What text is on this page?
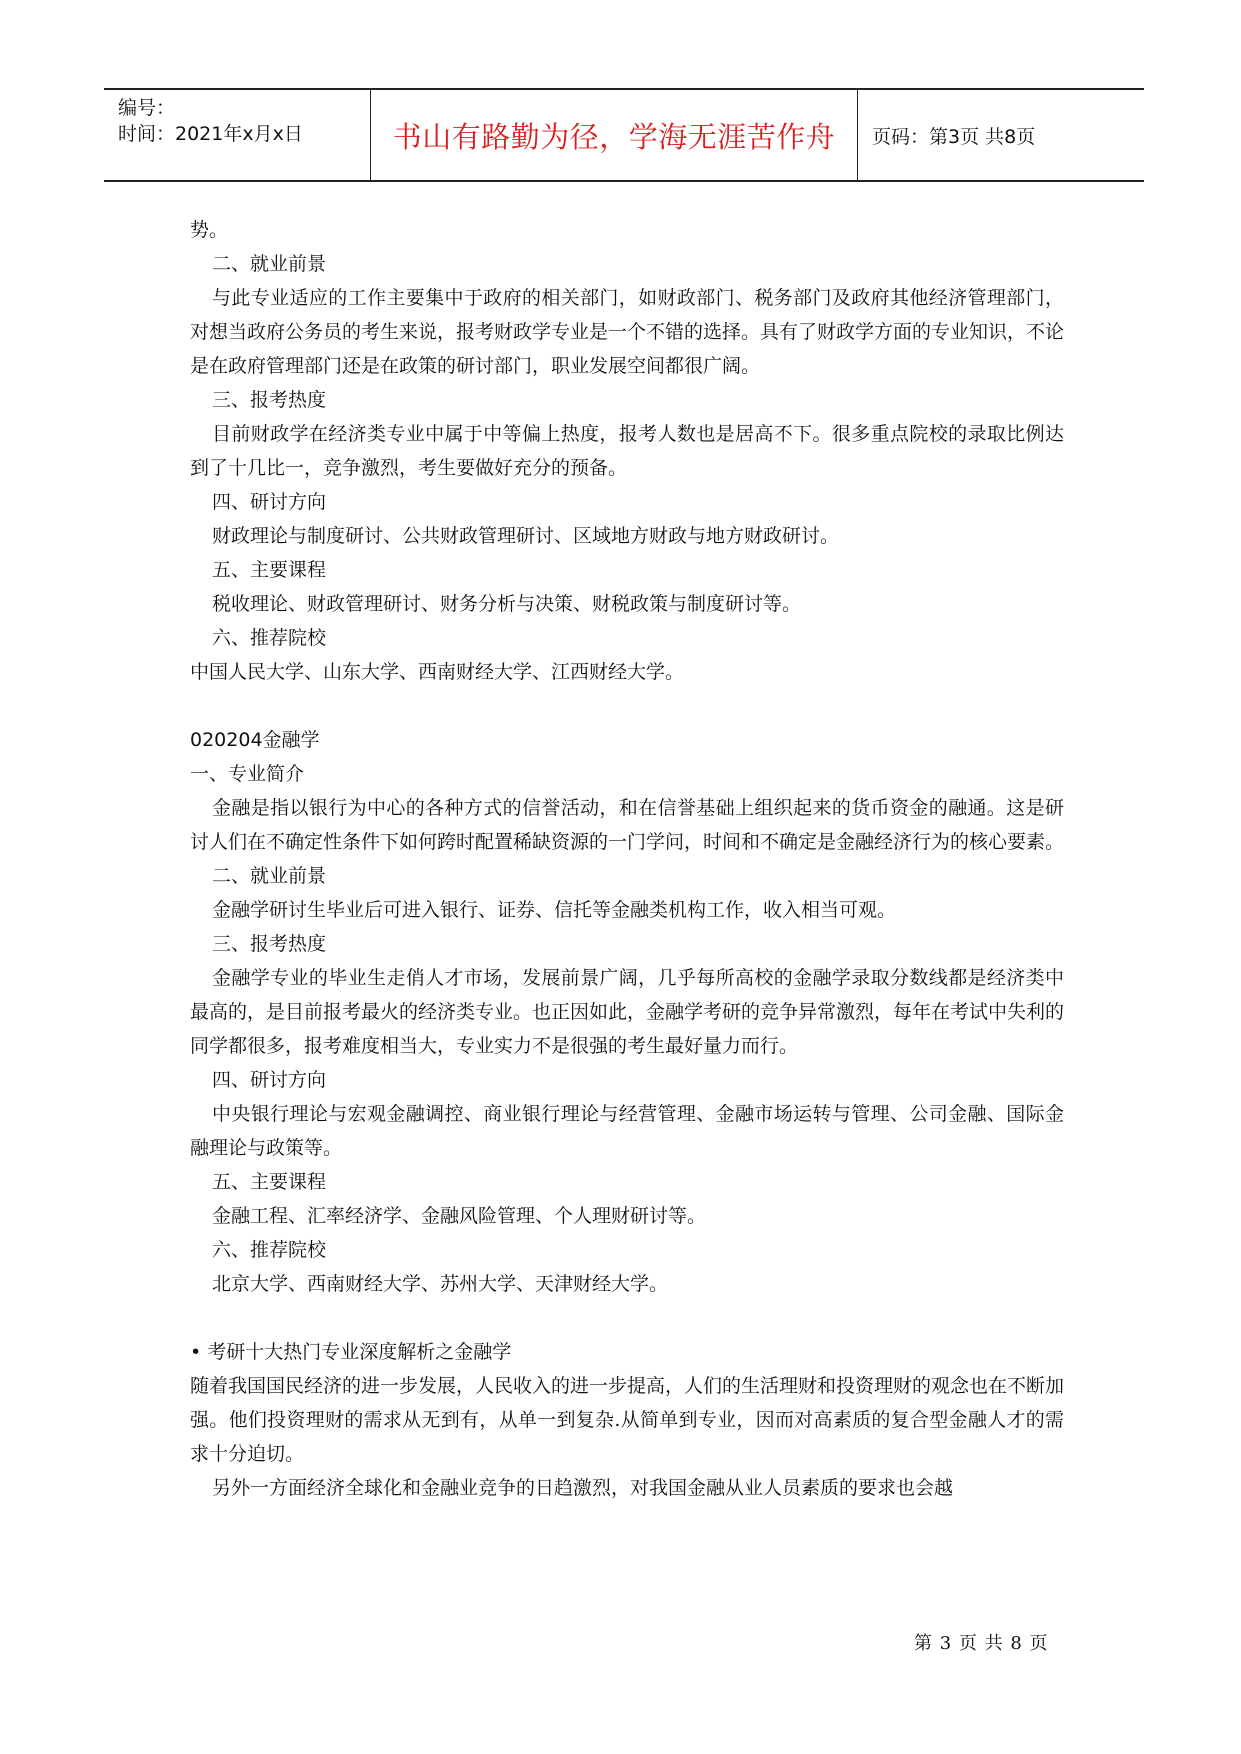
编号：
时间：2021年x月x日	书山有路勤为径，学海无涯苦作舟 页码：第3页 共8页

势。

二、就业前景

与此专业适应的工作主要集中于政府的相关部门，如财政部门、税务部门及政府其他经济管理部门，对想当政府公务员的考生来说，报考财政学专业是一个不错的选择。具有了财政学方面的专业知识，不论是在政府管理部门还是在政策的研讨部门，职业发展空间都很广阔。

三、报考热度

目前财政学在经济类专业中属于中等偏上热度，报考人数也是居高不下。很多重点院校的录取比例达到了十几比一，竞争激烈，考生要做好充分的预备。

四、研讨方向

财政理论与制度研讨、公共财政管理研讨、区域地方财政与地方财政研讨。

五、主要课程

税收理论、财政管理研讨、财务分析与决策、财税政策与制度研讨等。

六、推荐院校

中国人民大学、山东大学、西南财经大学、江西财经大学。

020204金融学

一、专业简介

金融是指以银行为中心的各种方式的信誉活动，和在信誉基础上组织起来的货币资金的融通。这是研讨人们在不确定性条件下如何跨时配置稀缺资源的一门学问，时间和不确定是金融经济行为的核心要素。

二、就业前景

金融学研讨生毕业后可进入银行、证券、信托等金融类机构工作，收入相当可观。

三、报考热度

金融学专业的毕业生走俏人才市场，发展前景广阔，几乎每所高校的金融学录取分数线都是经济类中最高的，是目前报考最火的经济类专业。也正因如此，金融学考研的竞争异常激烈，每年在考试中失利的同学都很多，报考难度相当大，专业实力不是很强的考生最好量力而行。

四、研讨方向

中央银行理论与宏观金融调控、商业银行理论与经营管理、金融市场运转与管理、公司金融、国际金融理论与政策等。

五、主要课程

金融工程、汇率经济学、金融风险管理、个人理财研讨等。

六、推荐院校

北京大学、西南财经大学、苏州大学、天津财经大学。

• 考研十大热门专业深度解析之金融学

随着我国国民经济的进一步发展，人民收入的进一步提高，人们的生活理财和投资理财的观念也在不断加强。他们投资理财的需求从无到有，从单一到复杂.从简单到专业，因而对高素质的复合型金融人才的需求十分迫切。

另外一方面经济全球化和金融业竞争的日趋激烈，对我国金融从业人员素质的要求也会越

第 3 页 共 8 页
